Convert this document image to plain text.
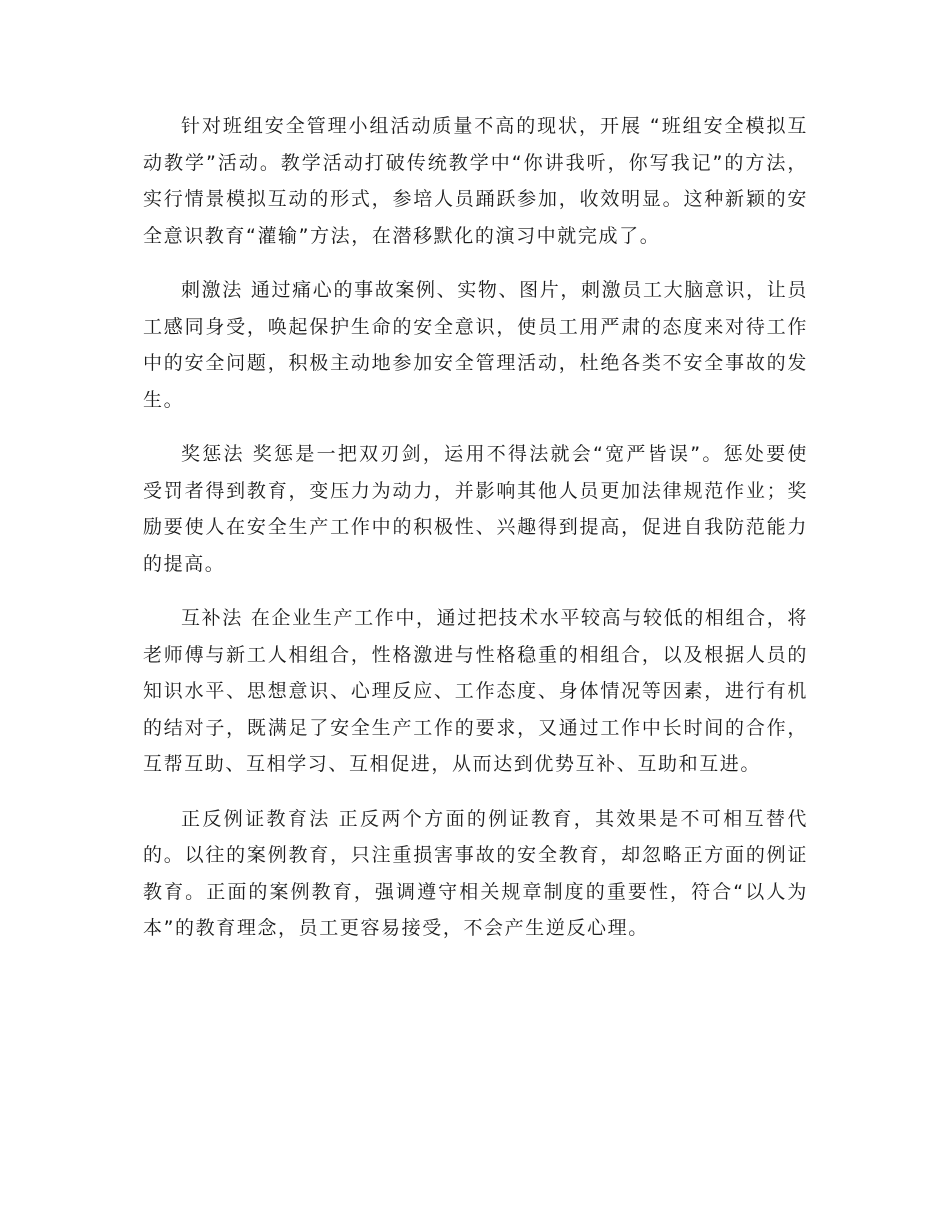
针对班组安全管理小组活动质量不高的现状，开展 “班组安全模拟互动教学”活动。教学活动打破传统教学中“你讲我听，你写我记”的方法，实行情景模拟互动的形式，参培人员踊跃参加，收效明显。这种新颖的安全意识教育“灌输”方法，在潜移默化的演习中就完成了。

刺激法 通过痛心的事故案例、实物、图片，刺激员工大脑意识，让员工感同身受，唤起保护生命的安全意识，使员工用严肃的态度来对待工作中的安全问题，积极主动地参加安全管理活动，杜绝各类不安全事故的发生。

奖惩法 奖惩是一把双刃剑，运用不得法就会“宽严皆误”。惩处要使受罚者得到教育，变压力为动力，并影响其他人员更加法律规范作业；奖励要使人在安全生产工作中的积极性、兴趣得到提高，促进自我防范能力的提高。

互补法 在企业生产工作中，通过把技术水平较高与较低的相组合，将老师傅与新工人相组合，性格激进与性格稳重的相组合，以及根据人员的知识水平、思想意识、心理反应、工作态度、身体情况等因素，进行有机的结对子，既满足了安全生产工作的要求，又通过工作中长时间的合作，互帮互助、互相学习、互相促进，从而达到优势互补、互助和互进。

正反例证教育法 正反两个方面的例证教育，其效果是不可相互替代的。以往的案例教育，只注重损害事故的安全教育，却忽略正方面的例证教育。正面的案例教育，强调遵守相关规章制度的重要性，符合“以人为本”的教育理念，员工更容易接受，不会产生逆反心理。
